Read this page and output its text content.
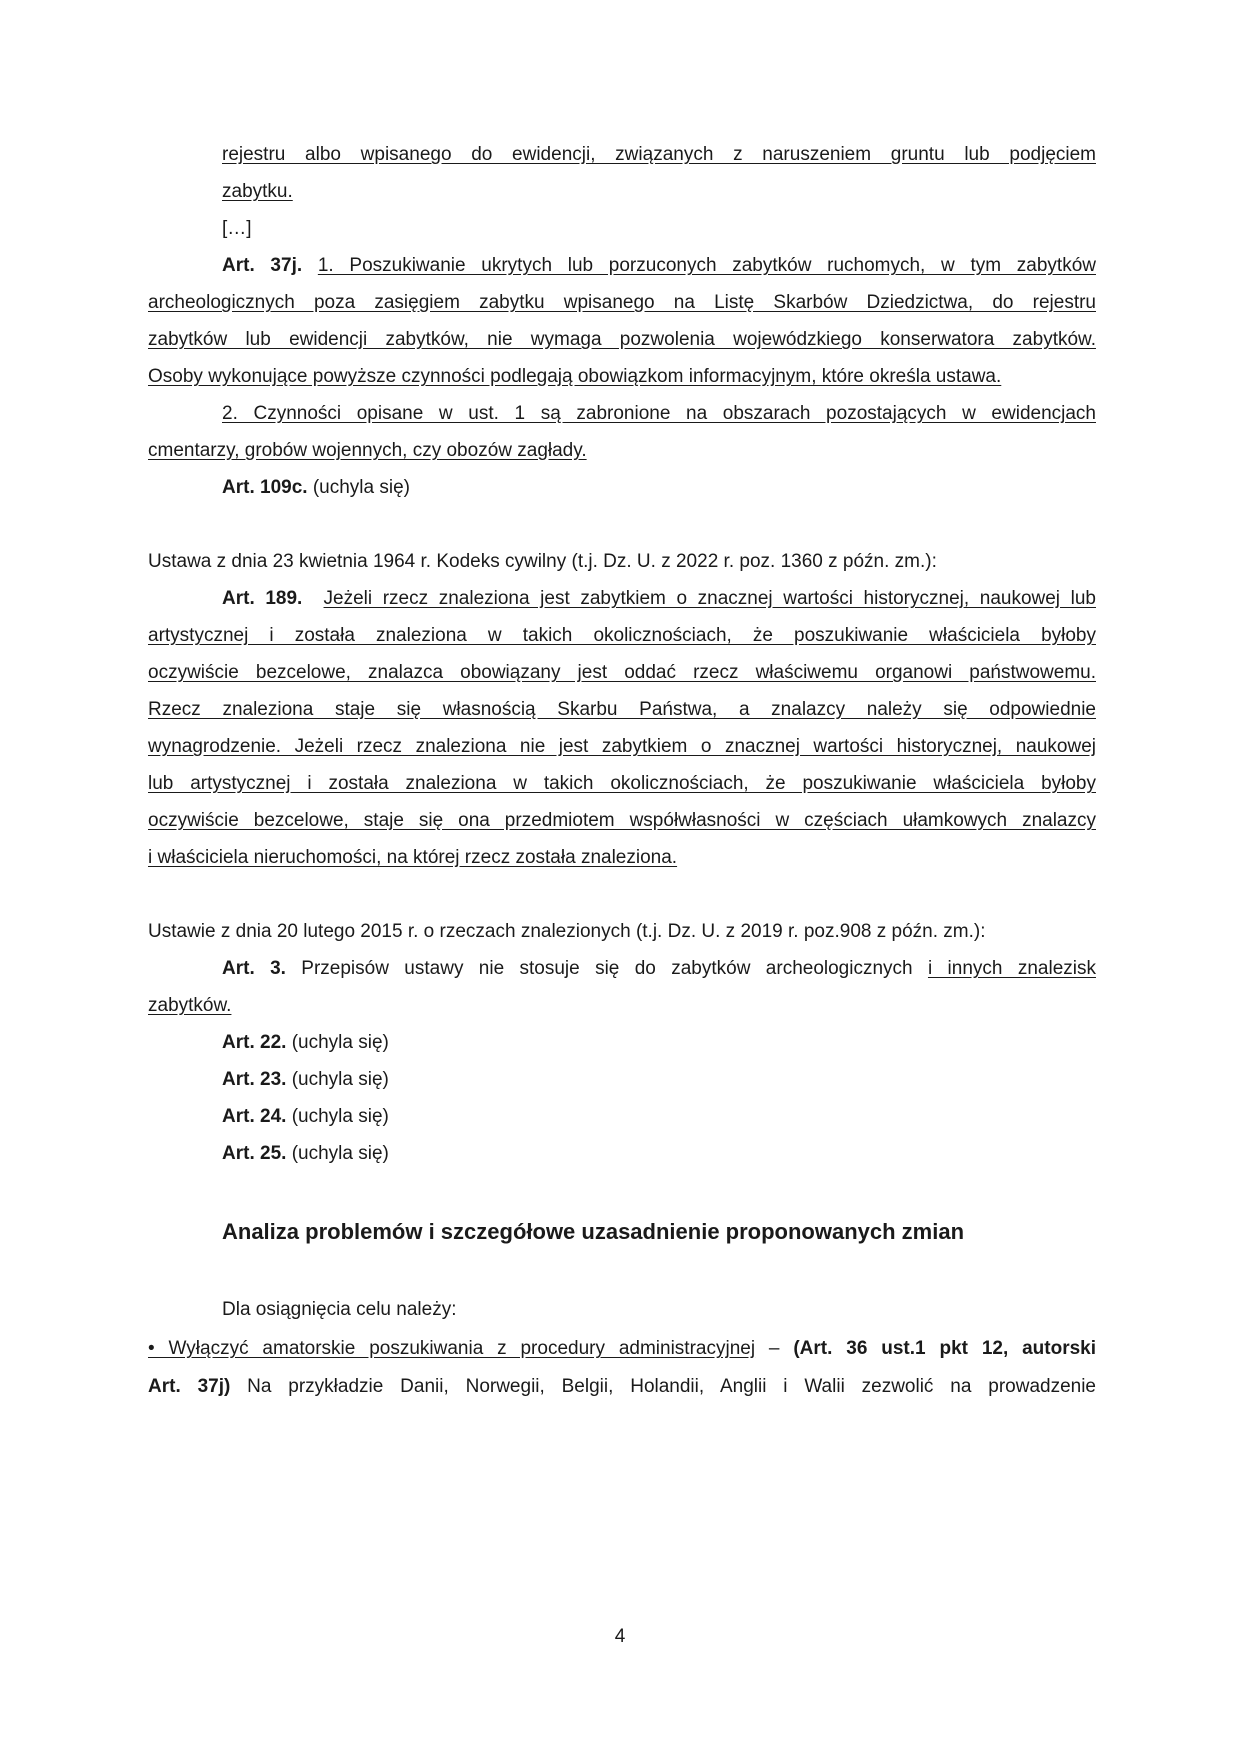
rejestru albo wpisanego do ewidencji, związanych z naruszeniem gruntu lub podjęciem
zabytku.
[…]
Art. 37j. 1. Poszukiwanie ukrytych lub porzuconych zabytków ruchomych, w tym zabytków
archeologicznych poza zasięgiem zabytku wpisanego na Listę Skarbów Dziedzictwa, do rejestru
zabytków lub ewidencji zabytków, nie wymaga pozwolenia wojewódzkiego konserwatora zabytków.
Osoby wykonujące powyższe czynności podlegają obowiązkom informacyjnym, które określa ustawa.
2. Czynności opisane w ust. 1 są zabronione na obszarach pozostających w ewidencjach
cmentarzy, grobów wojennych, czy obozów zagłady.
Art. 109c. (uchyla się)
Ustawa z dnia 23 kwietnia 1964 r. Kodeks cywilny (t.j. Dz. U. z 2022 r. poz. 1360 z późn. zm.):
Art. 189. Jeżeli rzecz znaleziona jest zabytkiem o znacznej wartości historycznej, naukowej lub
artystycznej i została znaleziona w takich okolicznościach, że poszukiwanie właściciela byłoby
oczywiście bezcelowe, znalazca obowiązany jest oddać rzecz właściwemu organowi państwowemu.
Rzecz znaleziona staje się własnością Skarbu Państwa, a znalazcy należy się odpowiednie
wynagrodzenie. Jeżeli rzecz znaleziona nie jest zabytkiem o znacznej wartości historycznej, naukowej
lub artystycznej i została znaleziona w takich okolicznościach, że poszukiwanie właściciela byłoby
oczywiście bezcelowe, staje się ona przedmiotem współwłasności w częściach ułamkowych znalazcy
i właściciela nieruchomości, na której rzecz została znaleziona.
Ustawie z dnia 20 lutego 2015 r. o rzeczach znalezionych (t.j. Dz. U. z 2019 r. poz.908 z późn. zm.):
Art. 3. Przepisów ustawy nie stosuje się do zabytków archeologicznych i innych znalezisk
zabytków.
Art. 22. (uchyla się)
Art. 23. (uchyla się)
Art. 24. (uchyla się)
Art. 25. (uchyla się)
Analiza problemów i szczegółowe uzasadnienie proponowanych zmian
Dla osiągnięcia celu należy:
• Wyłączyć amatorskie poszukiwania z procedury administracyjnej – (Art. 36 ust.1 pkt 12, autorski
Art. 37j) Na przykładzie Danii, Norwegii, Belgii, Holandii, Anglii i Walii zezwolić na prowadzenie
4
